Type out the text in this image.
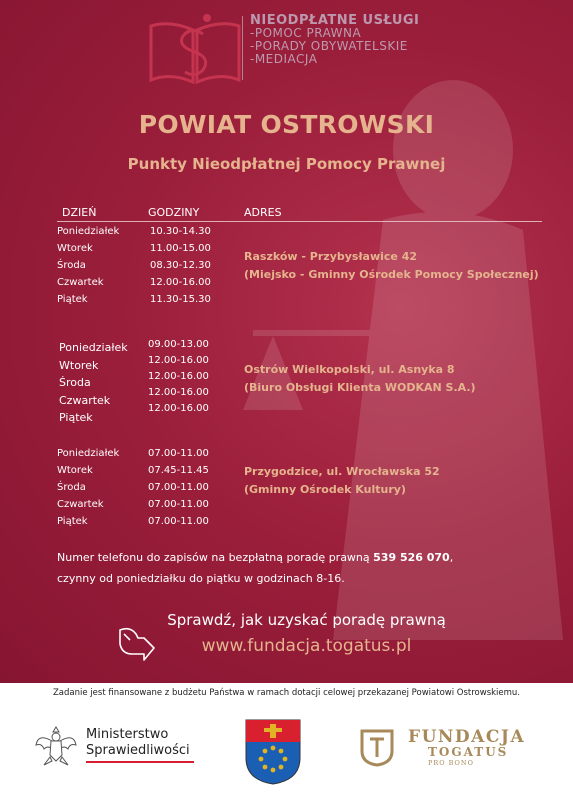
NIEODPŁATNE USŁUGI
-POMOC PRAWNA
-PORADY OBYWATELSKIE
-MEDIACJA
POWIAT OSTROWSKI
Punkty Nieodpłatnej Pomocy Prawnej
DZIEŃ	GODZINY	ADRES
Poniedziałek
Wtorek
Środa
Czwartek
Piątek
10.30-14.30
11.00-15.00
08.30-12.30
12.00-16.00
11.30-15.30
Raszków - Przybysławice 42
(Miejsko - Gminny Ośrodek Pomocy Społecznej)
Poniedziałek
Wtorek
Środa
Czwartek
Piątek
09.00-13.00
12.00-16.00
12.00-16.00
12.00-16.00
12.00-16.00
Ostrów Wielkopolski, ul. Asnyka 8
(Biuro Obsługi Klienta WODKAN S.A.)
Poniedziałek
Wtorek
Środa
Czwartek
Piątek
07.00-11.00
07.45-11.45
07.00-11.00
07.00-11.00
07.00-11.00
Przygodzice, ul. Wrocławska 52
(Gminny Ośrodek Kultury)
Numer telefonu do zapisów na bezpłatną poradę prawną 539 526 070,
czynny od poniedziałku do piątku w godzinach 8-16.
Sprawdź, jak uzyskać poradę prawną
www.fundacja.togatus.pl
Zadanie jest finansowane z budżetu Państwa w ramach dotacji celowej przekazanej Powiatowi Ostrowskiemu.
Ministerstwo
Sprawiedliwości
FUNDACJA
TOGATUS
PRO BONO
